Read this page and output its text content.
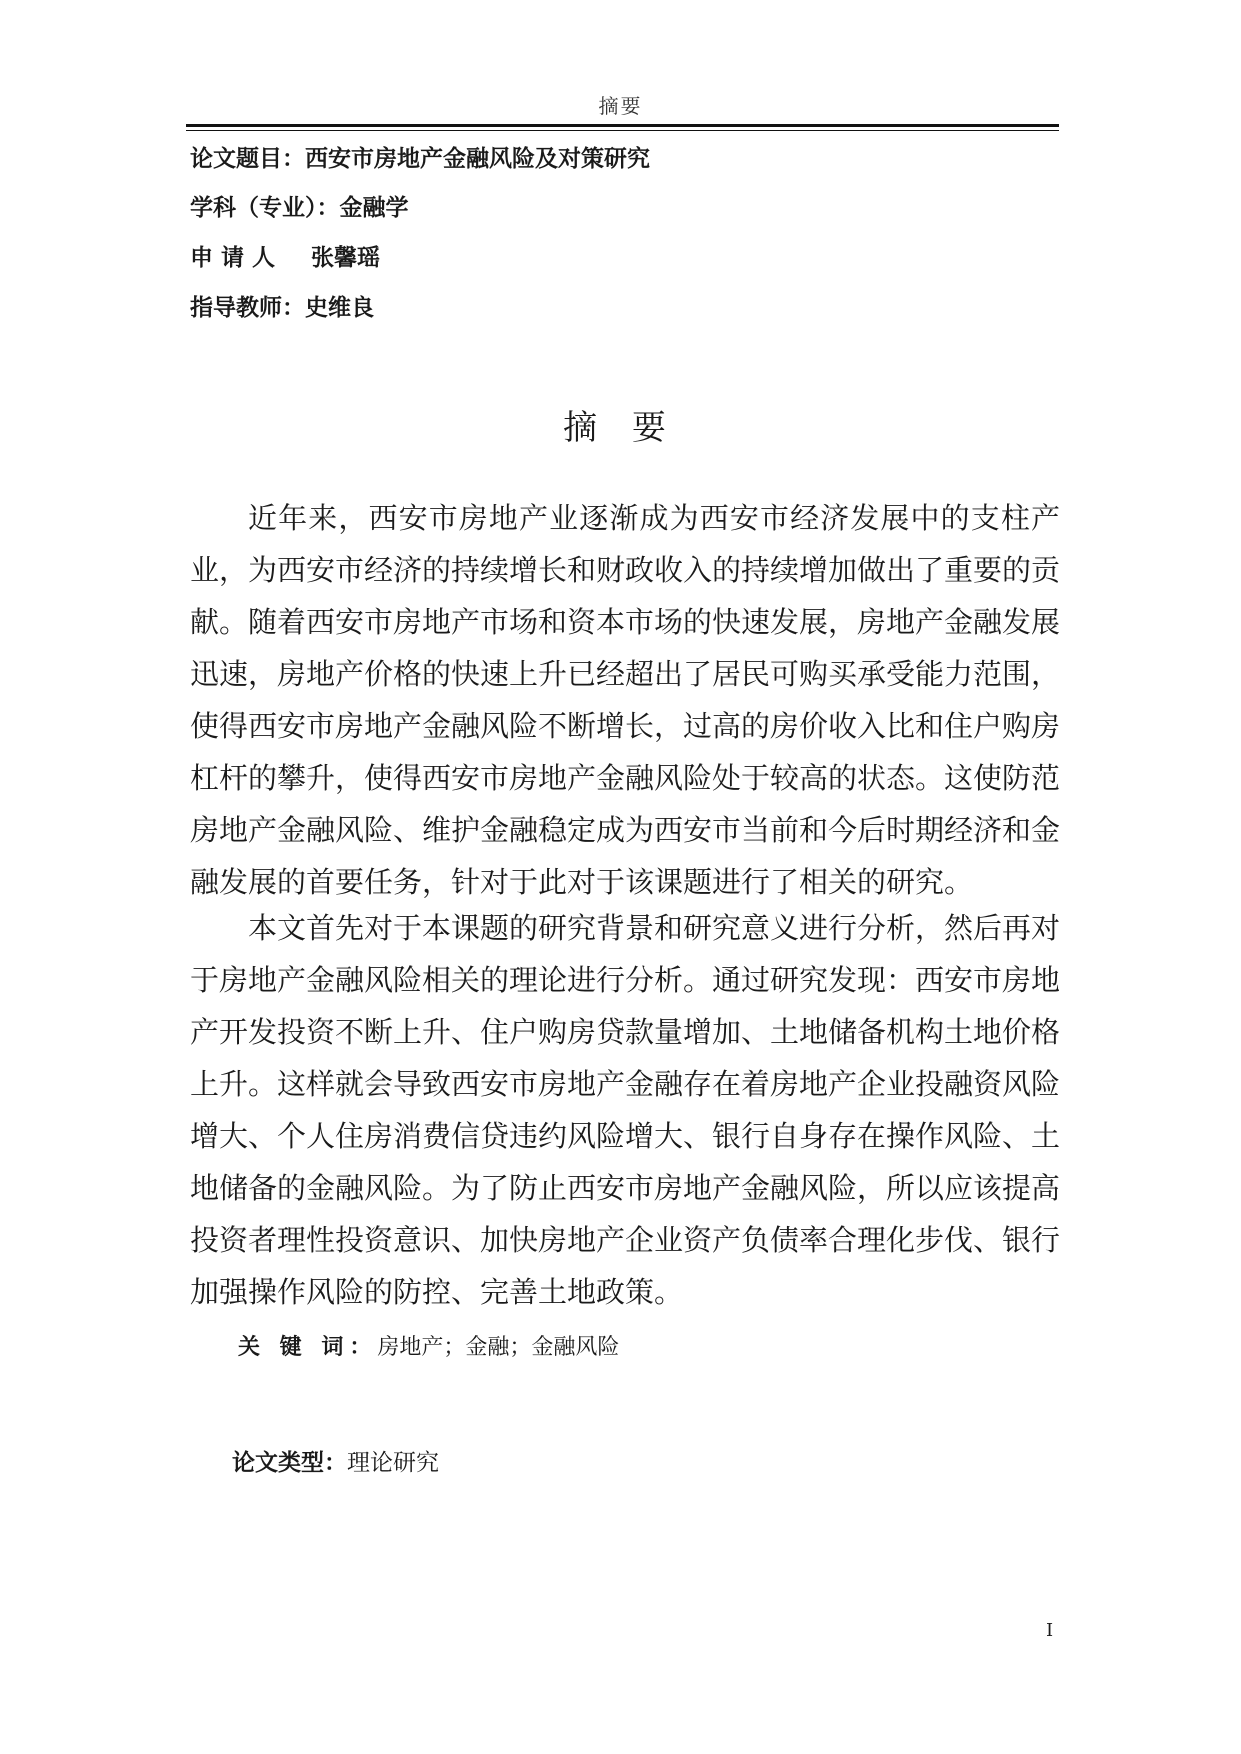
摘要
论文题目：西安市房地产金融风险及对策研究
学科（专业）：金融学
申 请 人 张馨瑶
指导教师：史维良
摘 要

近年来，西安市房地产业逐渐成为西安市经济发展中的支柱产业，为西安市经济的持续增长和财政收入的持续增加做出了重要的贡献。随着西安市房地产市场和资本市场的快速发展，房地产金融发展迅速，房地产价格的快速上升已经超出了居民可购买承受能力范围，使得西安市房地产金融风险不断增长，过高的房价收入比和住户购房杠杆的攀升，使得西安市房地产金融风险处于较高的状态。这使防范房地产金融风险、维护金融稳定成为西安市当前和今后时期经济和金融发展的首要任务，针对于此对于该课题进行了相关的研究。

本文首先对于本课题的研究背景和研究意义进行分析，然后再对于房地产金融风险相关的理论进行分析。通过研究发现：西安市房地产开发投资不断上升、住户购房贷款量增加、土地储备机构土地价格上升。这样就会导致西安市房地产金融存在着房地产企业投融资风险增大、个人住房消费信贷违约风险增大、银行自身存在操作风险、土地储备的金融风险。为了防止西安市房地产金融风险，所以应该提高投资者理性投资意识、加快房地产企业资产负债率合理化步伐、银行加强操作风险的防控、完善土地政策。

关 键 词：房地产；金融；金融风险
论文类型：理论研究
I
